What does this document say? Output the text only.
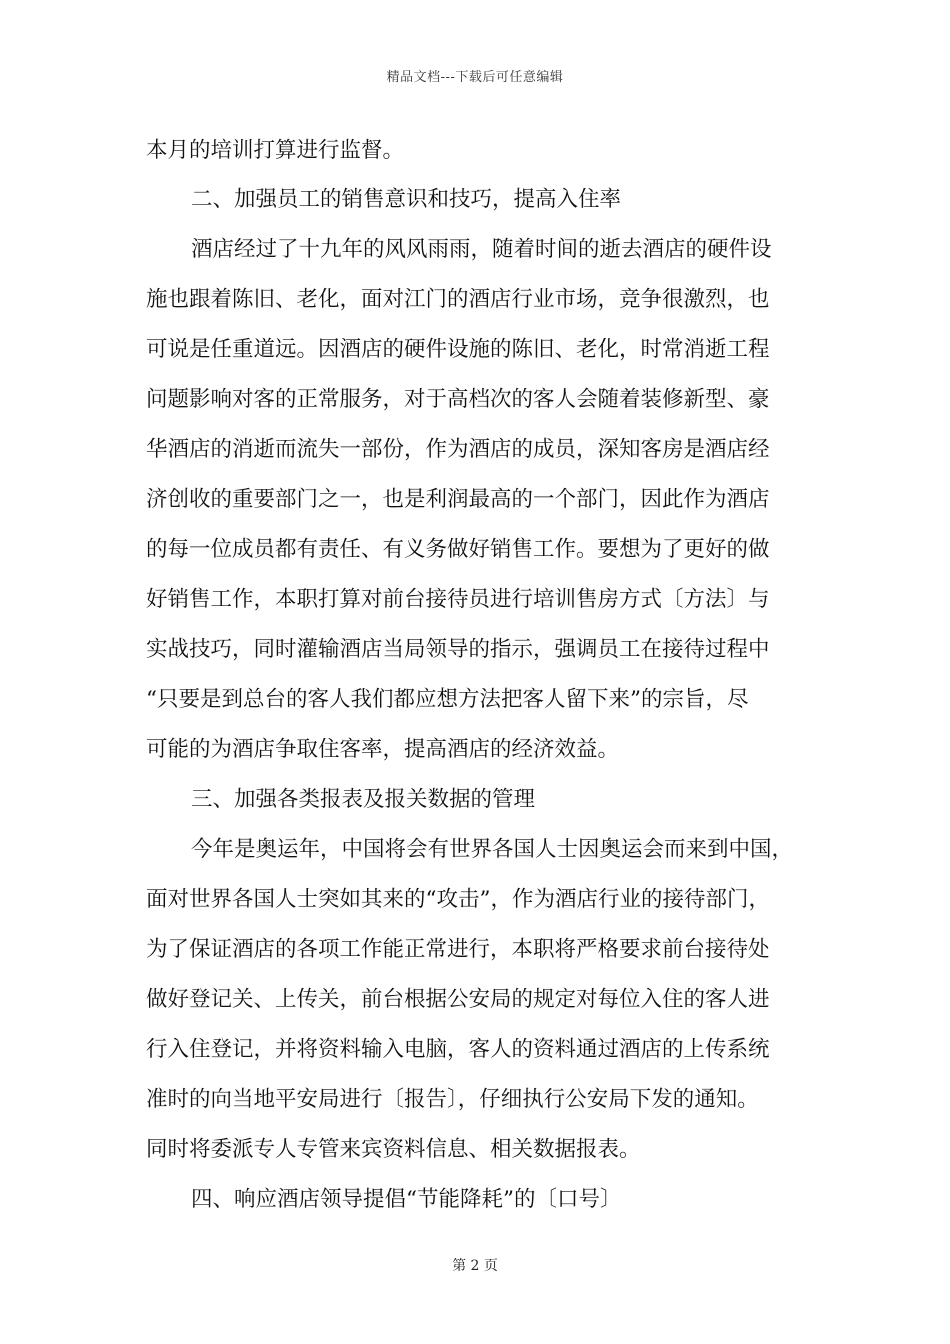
精品文档---下载后可任意编辑
本月的培训打算进行监督。
二、加强员工的销售意识和技巧，提高入住率
酒店经过了十九年的风风雨雨，随着时间的逝去酒店的硬件设
施也跟着陈旧、老化，面对江门的酒店行业市场，竞争很激烈，也
可说是任重道远。因酒店的硬件设施的陈旧、老化，时常消逝工程
问题影响对客的正常服务，对于高档次的客人会随着装修新型、豪
华酒店的消逝而流失一部份，作为酒店的成员，深知客房是酒店经
济创收的重要部门之一，也是利润最高的一个部门，因此作为酒店
的每一位成员都有责任、有义务做好销售工作。要想为了更好的做
好销售工作，本职打算对前台接待员进行培训售房方式〔方法〕与
实战技巧，同时灌输酒店当局领导的指示，强调员工在接待过程中
“只要是到总台的客人我们都应想方法把客人留下来”的宗旨，尽
可能的为酒店争取住客率，提高酒店的经济效益。
三、加强各类报表及报关数据的管理
今年是奥运年，中国将会有世界各国人士因奥运会而来到中国，
面对世界各国人士突如其来的“攻击”，作为酒店行业的接待部门，
为了保证酒店的各项工作能正常进行，本职将严格要求前台接待处
做好登记关、上传关，前台根据公安局的规定对每位入住的客人进
行入住登记，并将资料输入电脑，客人的资料通过酒店的上传系统
准时的向当地平安局进行〔报告〕，仔细执行公安局下发的通知。
同时将委派专人专管来宾资料信息、相关数据报表。
四、响应酒店领导提倡“节能降耗”的〔口号〕
第 2 页
